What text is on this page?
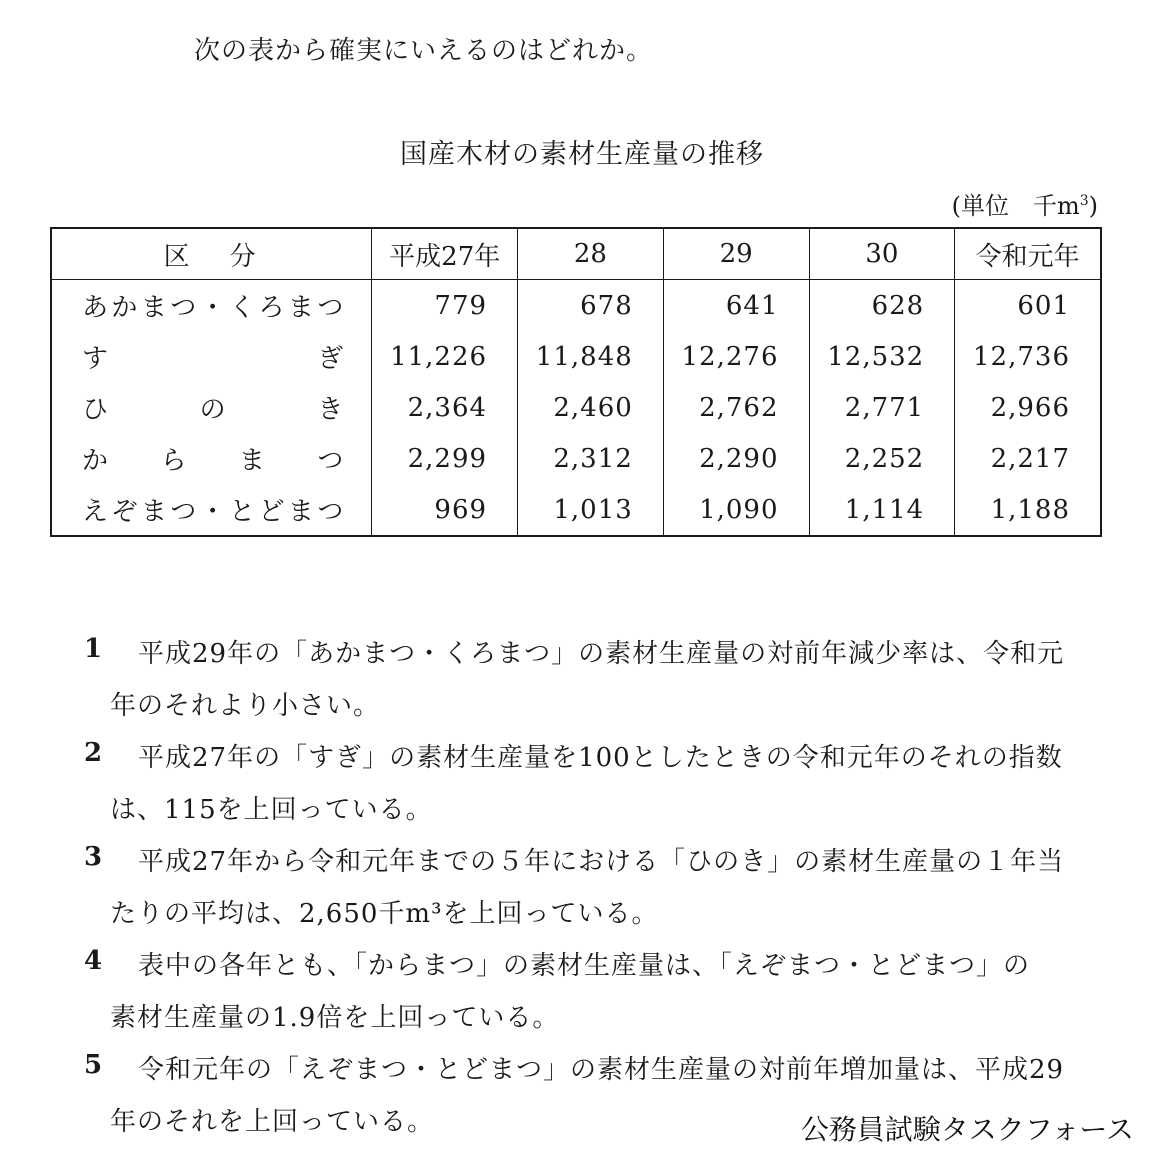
次の表から確実にいえるのはどれか。
国産木材の素材生産量の推移
(単位　千$m^3$)
区分	平成27年	28	29	30	令和元年
あかまつ・くろまつ	779	678	641	628	601
すぎ	11,226	11,848	12,276	12,532	12,736
ひのき	2,364	2,460	2,762	2,771	2,966
からまつ	2,299	2,312	2,290	2,252	2,217
えぞまつ・とどまつ	969	1,013	1,090	1,114	1,188
1	平成29年の「あかまつ・くろまつ」の素材生産量の対前年減少率は、令和元
年のそれより小さい。
2	平成27年の「すぎ」の素材生産量を100としたときの令和元年のそれの指数
は、115を上回っている。
3	平成27年から令和元年までの５年における「ひのき」の素材生産量の１年当
たりの平均は、2,650千m³を上回っている。
4	表中の各年とも、「からまつ」の素材生産量は、「えぞまつ・とどまつ」の
素材生産量の1.9倍を上回っている。
5	令和元年の「えぞまつ・とどまつ」の素材生産量の対前年増加量は、平成29
年のそれを上回っている。	公務員試験タスクフォース
